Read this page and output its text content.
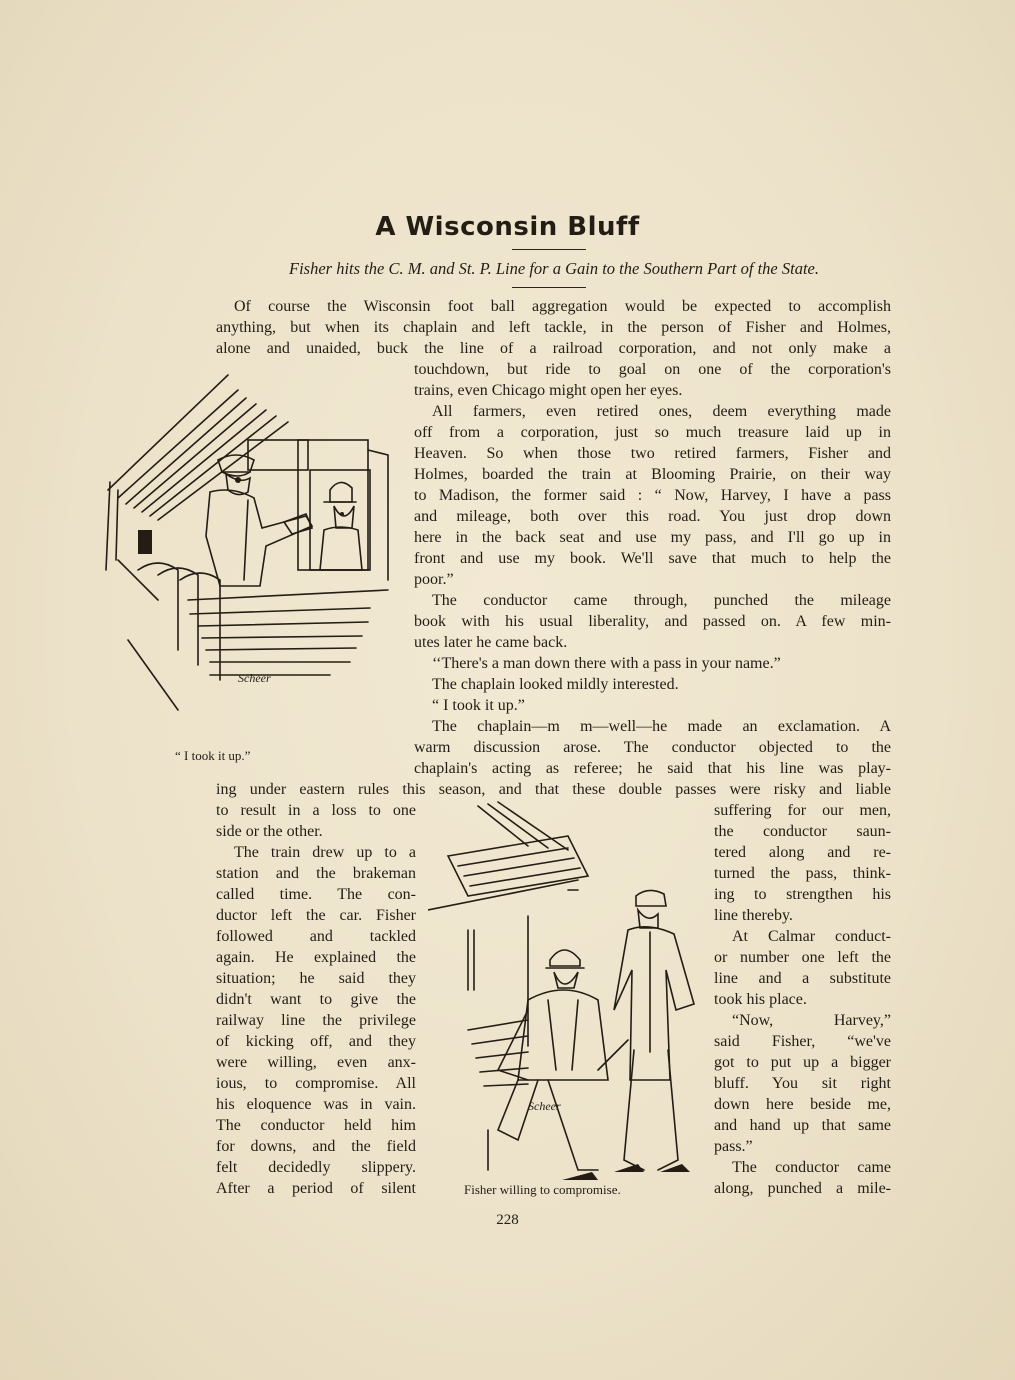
A Wisconsin Bluff
Fisher hits the C. M. and St. P. Line for a Gain to the Southern Part of the State.
Of course the Wisconsin foot ball aggregation would be expected to accomplish
anything, but when its chaplain and left tackle, in the person of Fisher and Holmes,
alone and unaided, buck the line of a railroad corporation, and not only make a
touchdown, but ride to goal on one of the corporation's
trains, even Chicago might open her eyes.
All farmers, even retired ones, deem everything made
off from a corporation, just so much treasure laid up in
Heaven. So when those two retired farmers, Fisher and
Holmes, boarded the train at Blooming Prairie, on their way
to Madison, the former said : “ Now, Harvey, I have a pass
and mileage, both over this road. You just drop down
here in the back seat and use my pass, and I'll go up in
front and use my book. We'll save that much to help the
poor.”
The conductor came through, punched the mileage
book with his usual liberality, and passed on. A few min-
utes later he came back.
‘‘There's a man down there with a pass in your name.”
The chaplain looked mildly interested.
“ I took it up.”
The chaplain—m m—well—he made an exclamation. A
warm discussion arose. The conductor objected to the
chaplain's acting as referee; he said that his line was play-
ing under eastern rules this season, and that these double passes were risky and liable
to result in a loss to one
side or the other.
The train drew up to a
station and the brakeman
called time. The con-
ductor left the car. Fisher
followed and tackled
again. He explained the
situation; he said they
didn't want to give the
railway line the privilege
of kicking off, and they
were willing, even anx-
ious, to compromise. All
his eloquence was in vain.
The conductor held him
for downs, and the field
felt decidedly slippery.
After a period of silent
suffering for our men,
the conductor saun-
tered along and re-
turned the pass, think-
ing to strengthen his
line thereby.
At Calmar conduct-
or number one left the
line and a substitute
took his place.
“Now, Harvey,”
said Fisher, “we've
got to put up a bigger
bluff. You sit right
down here beside me,
and hand up that same
pass.”
The conductor came
along, punched a mile-
Scheer
“ I took it up.”
Scheer
Fisher willing to compromise.
228
